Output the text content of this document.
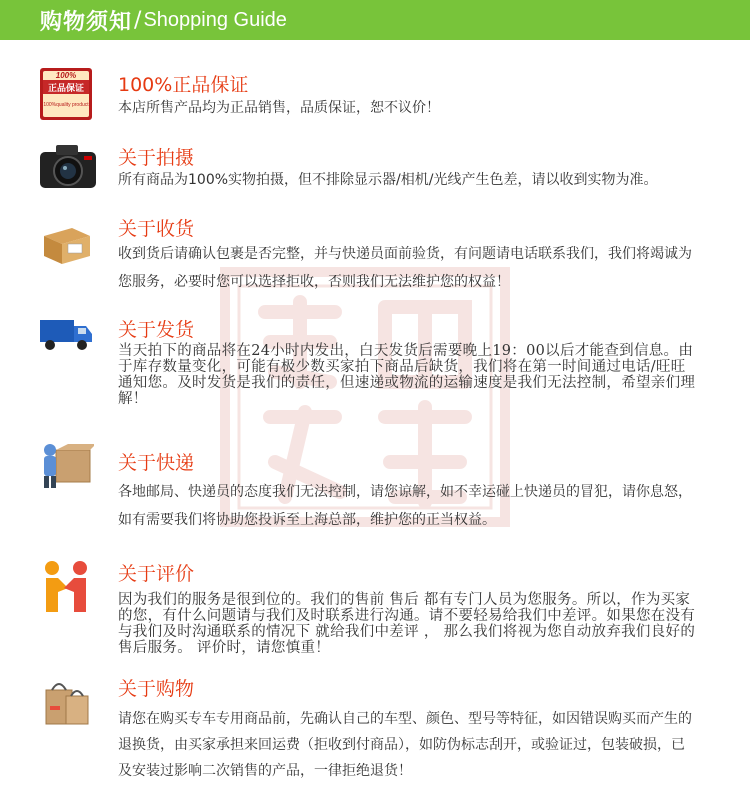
购物须知 / Shopping Guide
100%
正品保证
100%quality product
100%正品保证
本店所售产品均为正品销售，品质保证，恕不议价！
关于拍摄
所有商品为100%实物拍摄，但不排除显示器/相机/光线产生色差，请以收到实物为准。
关于收货
收到货后请确认包裹是否完整，并与快递员面前验货，有问题请电话联系我们，我们将竭诚为您服务，必要时您可以选择拒收，否则我们无法维护您的权益！
关于发货
当天拍下的商品将在24小时内发出，白天发货后需要晚上19：00以后才能查到信息。由于库存数量变化，可能有极少数买家拍下商品后缺货，我们将在第一时间通过电话/旺旺通知您。及时发货是我们的责任，但速递或物流的运输速度是我们无法控制，希望亲们理解！
关于快递
各地邮局、快递员的态度我们无法控制，请您谅解，如不幸运碰上快递员的冒犯，请你息怒，如有需要我们将协助您投诉至上海总部，维护您的正当权益。
关于评价
因为我们的服务是很到位的。我们的售前 售后 都有专门人员为您服务。所以，作为买家的您，有什么问题请与我们及时联系进行沟通。请不要轻易给我们中差评。如果您在没有与我们及时沟通联系的情况下 就给我们中差评 ， 那么我们将视为您自动放弃我们良好的售后服务。 评价时，请您慎重！
关于购物
请您在购买专车专用商品前，先确认自己的车型、颜色、型号等特征，如因错误购买而产生的退换货，由买家承担来回运费（拒收到付商品），如防伪标志刮开，或验证过，包装破损，已及安装过影响二次销售的产品，一律拒绝退货！
